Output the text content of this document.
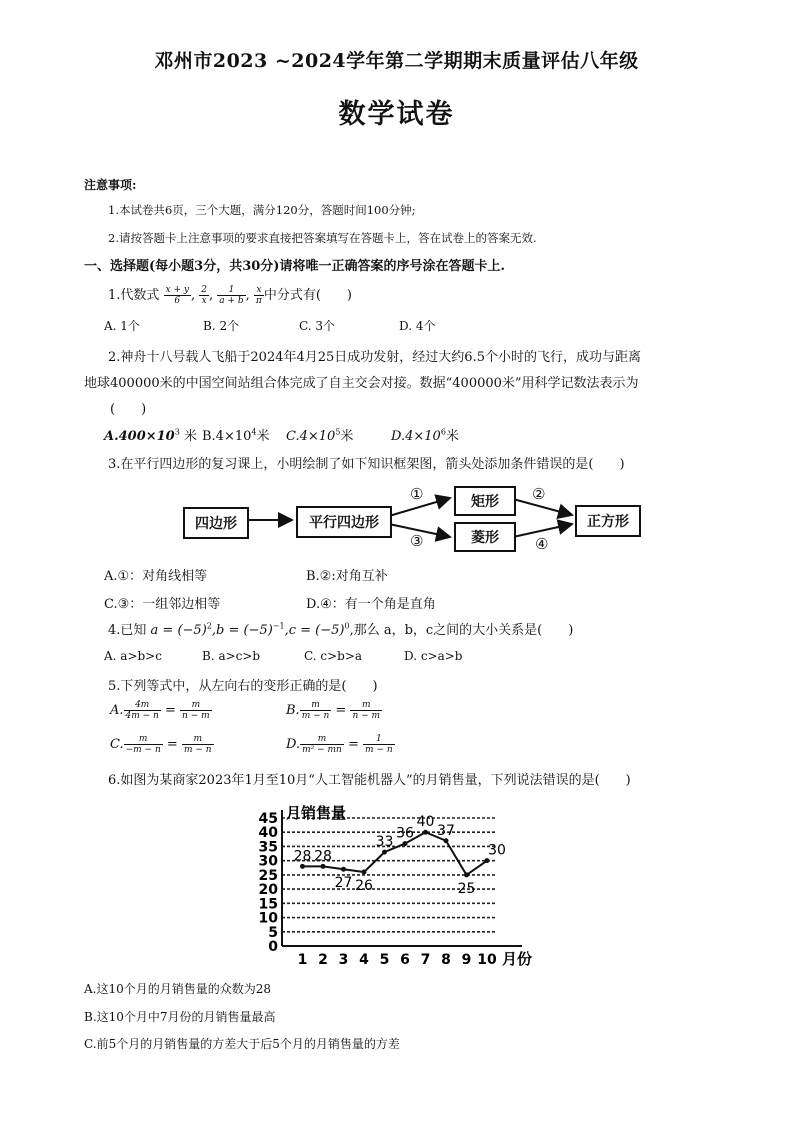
邓州市2023 ~2024学年第二学期期末质量评估八年级
数学试卷
注意事项:
1.本试卷共6页，三个大题，满分120分，答题时间100分钟;
2.请按答题卡上注意事项的要求直接把答案填写在答题卡上，答在试卷上的答案无效.
一、选择题(每小题3分，共30分)请将唯一正确答案的序号涂在答题卡上.
1.代数式 $\frac{x + y}{6}$ , $\frac{2}{x}$ , $\frac{1}{a + b}$ , $\frac{x}{\pi}$ 中分式有(　　)
A. 1个	B. 2个	C. 3个	D. 4个
2.神舟十八号载人飞船于2024年4月25日成功发射，经过大约6.5个小时的飞行，成功与距离
地球400000米的中国空间站组合体完成了自主交会对接。数据“400000米”用科学记数法表示为
(　　)
$A.400\times 10^3$ 米 $B.4\times 10^4$米 $C.4\times 10^5$米	$D.4\times 10^6$米
3.在平行四边形的复习课上，小明绘制了如下知识框架图，箭头处添加条件错误的是(　　)
四边形	平行四边形
矩形
菱形
正方形
①	②
③	④
A.①：对角线相等	B.②:对角互补
C.③：一组邻边相等	D.④：有一个角是直角
4.已知 $a = (-5)^2,b = (-5)^{-1},c = (-5)^0$,那么 a，b，c之间的大小关系是(　　)
A. a>b>c	B. a>c>b	C. c>b>a	D. c>a>b
5.下列等式中，从左向右的变形正确的是(　　)
A. $\frac{4m}{4m - n} = \frac{m}{n - m}$	B. $\frac{m}{m - n} = \frac{m}{n - m}$
C. $\frac{m}{-m - n} = \frac{m}{m - n}$	D. $\frac{m}{\text{m² − mn}} = \frac{1}{m - n}$
6.如图为某商家2023年1月至10月“人工智能机器人”的月销售量，下列说法错误的是(　　)
0
5
10
15
20
25
30
35
40
45
1 2 3 4 5 6 7 8 9 10
28 28
27 26
33
36
40
37
25
30
月销售量
月份
A.这10个月的月销售量的众数为28
B.这10个月中7月份的月销售量最高
C.前5个月的月销售量的方差大于后5个月的月销售量的方差
